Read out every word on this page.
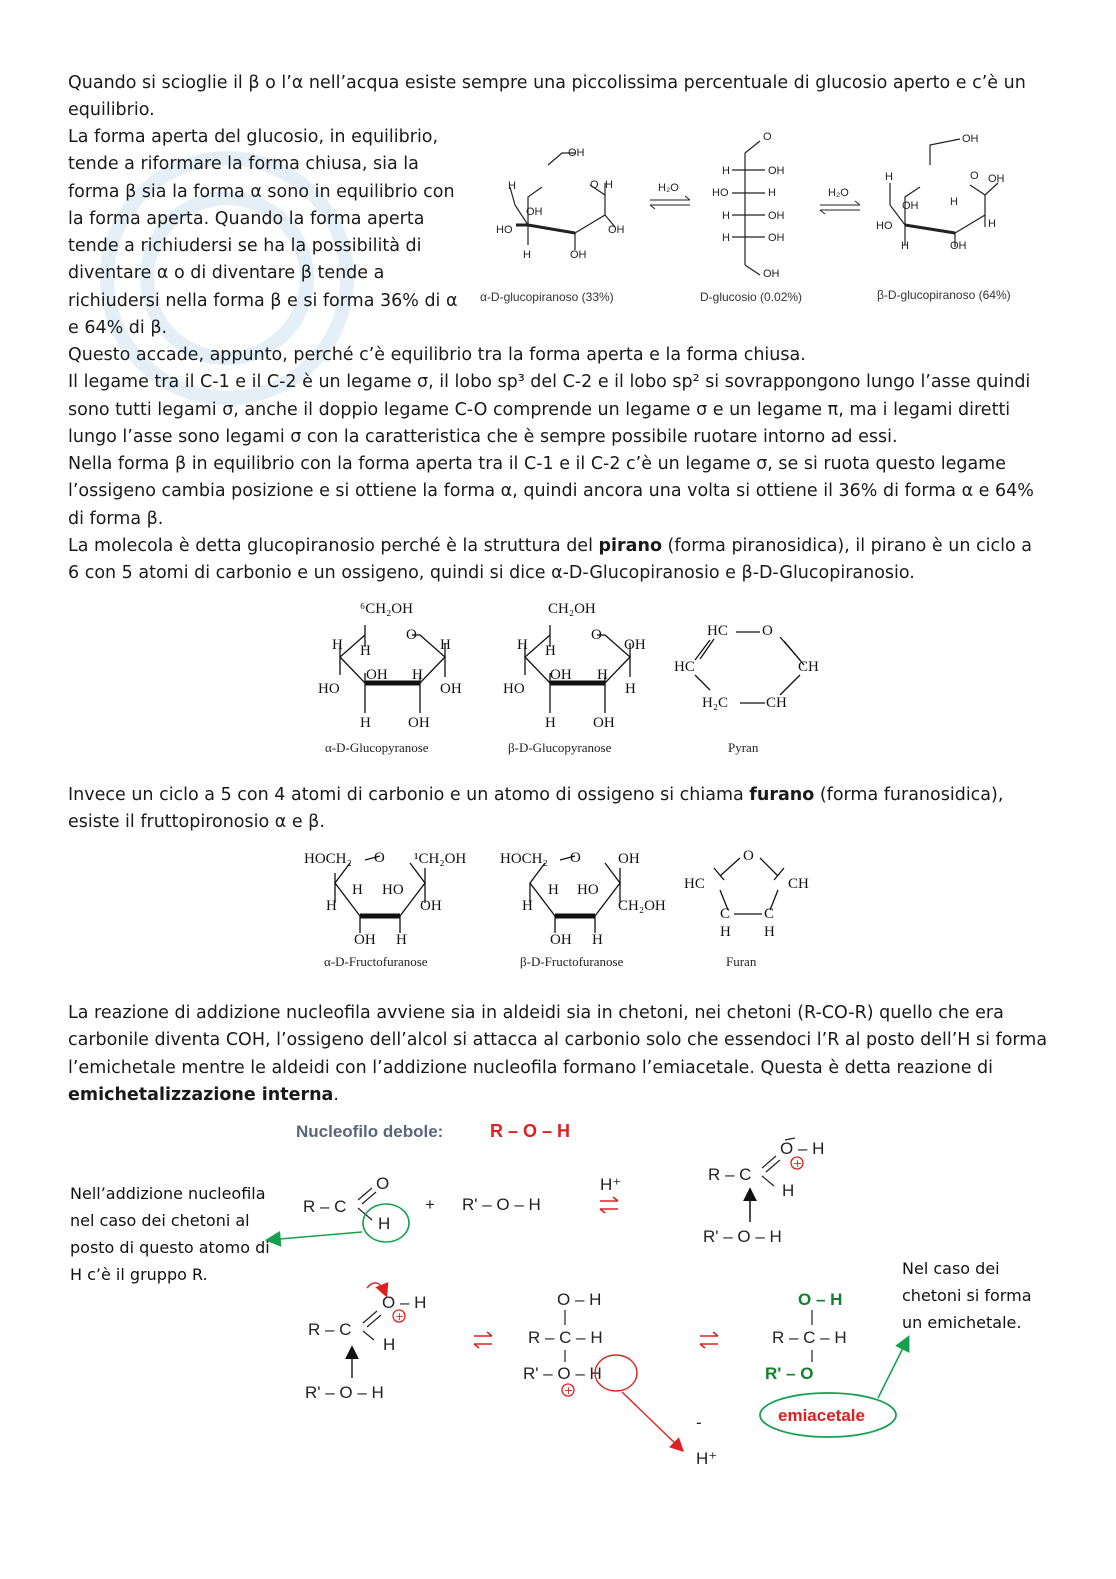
Quando si scioglie il β o l’α nell’acqua esiste sempre una piccolissima percentuale di glucosio aperto e c’è un equilibrio.

La forma aperta del glucosio, in equilibrio, tende a riformare la forma chiusa, sia la forma β sia la forma α sono in equilibrio con la forma aperta. Quando la forma aperta tende a richiudersi se ha la possibilità di diventare α o di diventare β tende a richiudersi nella forma β e si forma 36% di α e 64% di β.

OH
H	O H
OH
HO	OH
H	OH
α-D-glucopiranoso (33%)
H₂O
O
H	OH
HO	H
H	OH
H	OH
OH
D-glucosio (0.02%)
H₂O
OH
H	O OH
OH	H
HO	H
H	OH
β-D-glucopiranoso (64%)

Questo accade, appunto, perché c’è equilibrio tra la forma aperta e la forma chiusa.

Il legame tra il C-1 e il C-2 è un legame σ, il lobo sp³ del C-2 e il lobo sp² si sovrappongono lungo l’asse quindi sono tutti legami σ, anche il doppio legame C-O comprende un legame σ e un legame π, ma i legami diretti lungo l’asse sono legami σ con la caratteristica che è sempre possibile ruotare intorno ad essi.

Nella forma β in equilibrio con la forma aperta tra il C-1 e il C-2 c’è un legame σ, se si ruota questo legame l’ossigeno cambia posizione e si ottiene la forma α, quindi ancora una volta si ottiene il 36% di forma α e 64% di forma β.

La molecola è detta glucopiranosio perché è la struttura del pirano (forma piranosidica), il pirano è un ciclo a 6 con 5 atomi di carbonio e un ossigeno, quindi si dice α-D-Glucopiranosio e β-D-Glucopiranosio.

⁶CH₂OH
O
H H	H
HO
OH H
OH
H OH
α-D-Glucopyranose
CH₂OH
O
H H	OH
HO
OH H
H
H OH
β-D-Glucopyranose
HC O
HC	CH
H₂C	CH
Pyran

Invece un ciclo a 5 con 4 atomi di carbonio e un atomo di ossigeno si chiama furano (forma furanosidica), esiste il fruttopironosio α e β.

HOCH₂ O ¹CH₂OH
H
H HO
OH
OH H
α-D-Fructofuranose
HOCH₂ O OH
H
H HO
CH₂OH
OH H
β-D-Fructofuranose
O
HC	CH
C C
H H
Furan

La reazione di addizione nucleofila avviene sia in aldeidi sia in chetoni, nei chetoni (R-CO-R) quello che era carbonile diventa COH, l’ossigeno dell’alcol si attacca al carbonio solo che essendoci l’R al posto dell’H si forma l’emichetale mentre le aldeidi con l’addizione nucleofila formano l’emiacetale. Questa è detta reazione di emichetalizzazione interna.

Nucleofilo debole:	R – O – H
R – C
O
H
+ R' – O – H
H⁺
R – C
O – H
+
H
R' – O – H
Nell’addizione nucleofila nel caso dei chetoni al posto di questo atomo di H c’è il gruppo R.
R – C
O – H
+
H
R' – O – H
O – H
R – C – H
R' – O – H
+
-
H⁺
O – H
R – C – H
R' – O
emiacetale
Nel caso dei chetoni si forma un emichetale.
